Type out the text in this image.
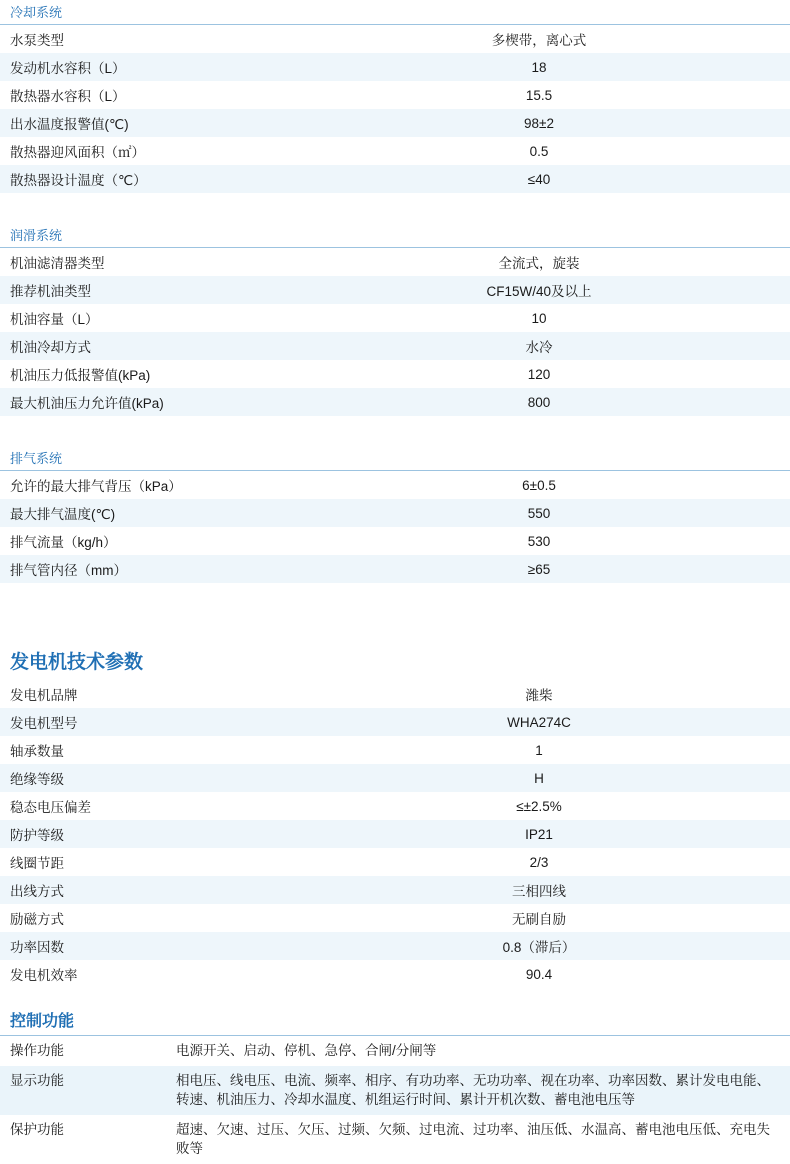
冷却系统
水泵类型	多楔带，离心式
发动机水容积（L）	18
散热器水容积（L）	15.5
出水温度报警值(℃)	98±2
散热器迎风面积（㎡）	0.5
散热器设计温度（℃）	≤40
润滑系统
机油滤清器类型	全流式，旋装
推荐机油类型	CF15W/40及以上
机油容量（L）	10
机油冷却方式	水冷
机油压力低报警值(kPa)	120
最大机油压力允许值(kPa)	800
排气系统
允许的最大排气背压（kPa）	6±0.5
最大排气温度(℃)	550
排气流量（kg/h）	530
排气管内径（mm）	≥65
发电机技术参数
发电机品牌	潍柴
发电机型号	WHA274C
轴承数量	1
绝缘等级	H
稳态电压偏差	≤±2.5%
防护等级	IP21
线圈节距	2/3
出线方式	三相四线
励磁方式	无刷自励
功率因数	0.8（滞后）
发电机效率	90.4
控制功能
操作功能	电源开关、启动、停机、急停、合闸/分闸等
显示功能	相电压、线电压、电流、频率、相序、有功功率、无功功率、视在功率、功率因数、累计发电电能、转速、机油压力、冷却水温度、机组运行时间、累计开机次数、蓄电池电压等
保护功能	超速、欠速、过压、欠压、过频、欠频、过电流、过功率、油压低、水温高、蓄电池电压低、充电失败等
